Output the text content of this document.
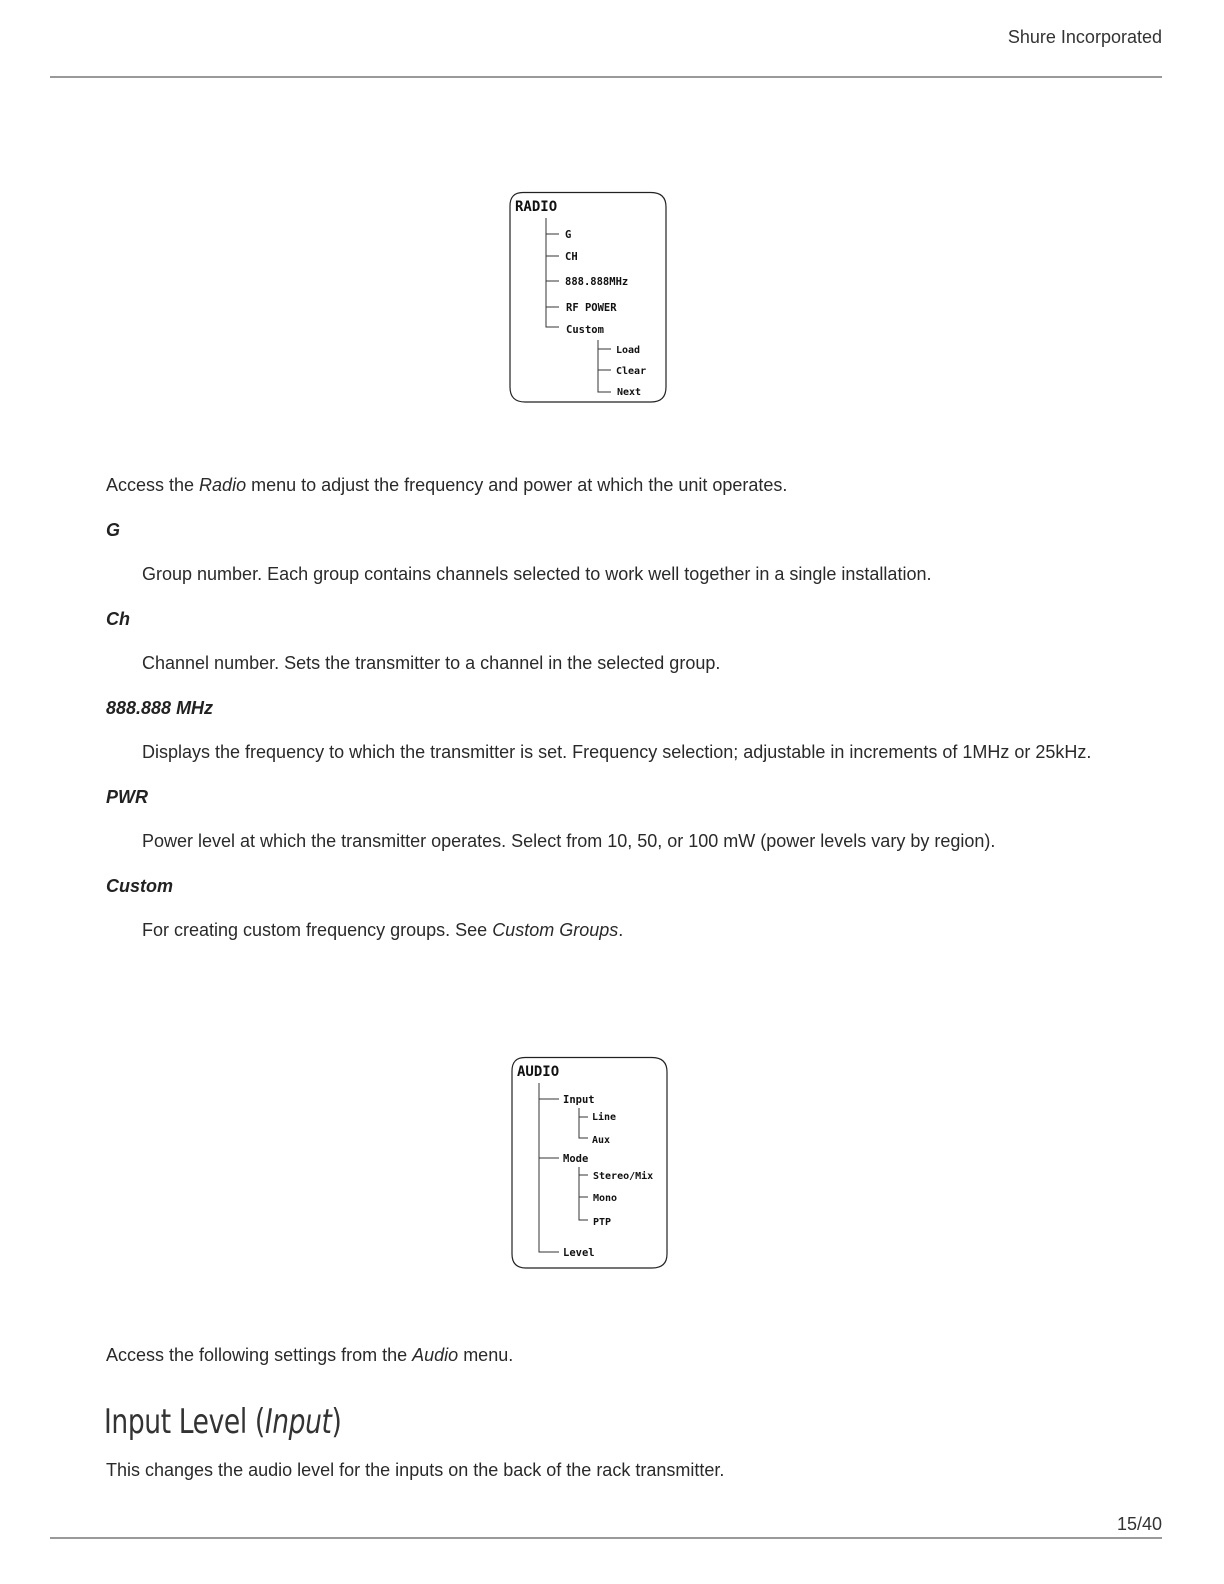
Shure Incorporated
RADIO
G
CH
888.888MHz
RF POWER
Custom
Load
Clear
Next
Access the Radio menu to adjust the frequency and power at which the unit operates.
G
Group number. Each group contains channels selected to work well together in a single installation.
Ch
Channel number. Sets the transmitter to a channel in the selected group.
888.888 MHz
Displays the frequency to which the transmitter is set. Frequency selection; adjustable in increments of 1MHz or 25kHz.
PWR
Power level at which the transmitter operates. Select from 10, 50, or 100 mW (power levels vary by region).
Custom
For creating custom frequency groups. See Custom Groups.
AUDIO
Input
Line
Aux
Mode
Stereo/Mix
Mono
PTP
Level
Access the following settings from the Audio menu.
Input Level (Input)
This changes the audio level for the inputs on the back of the rack transmitter.
15/40
